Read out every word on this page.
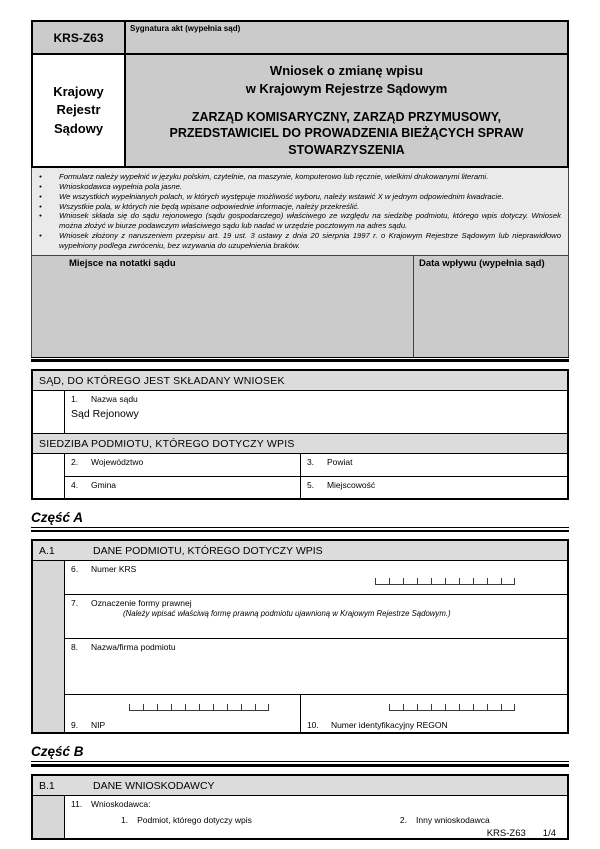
KRS-Z63
Sygnatura akt (wypełnia sąd)
Krajowy
Rejestr
Sądowy
Wniosek o zmianę wpisu
w Krajowym Rejestrze Sądowym
ZARZĄD KOMISARYCZNY, ZARZĄD PRZYMUSOWY,
PRZEDSTAWICIEL DO PROWADZENIA BIEŻĄCYCH SPRAW
STOWARZYSZENIA
•	Formularz należy wypełnić w języku polskim, czytelnie, na maszynie, komputerowo lub ręcznie, wielkimi drukowanymi literami.
•	Wnioskodawca wypełnia pola jasne.
•	We wszystkich wypełnianych polach, w których występuje możliwość wyboru, należy wstawić X w jednym odpowiednim kwadracie.
•	Wszystkie pola, w których nie będą wpisane odpowiednie informacje, należy przekreślić.
•	Wniosek składa się do sądu rejonowego (sądu gospodarczego) właściwego ze względu na siedzibę podmiotu, którego wpis dotyczy. Wniosek można złożyć w biurze podawczym właściwego sądu lub nadać w urzędzie pocztowym na adres sądu.
•	Wniosek złożony z naruszeniem przepisu art. 19 ust. 3 ustawy z dnia 20 sierpnia 1997 r. o Krajowym Rejestrze Sądowym lub nieprawidłowo wypełniony podlega zwróceniu, bez wzywania do uzupełnienia braków.
Miejsce na notatki sądu	Data wpływu (wypełnia sąd)
SĄD, DO KTÓREGO JEST SKŁADANY WNIOSEK
1.	Nazwa sądu
Sąd Rejonowy
SIEDZIBA PODMIOTU, KTÓREGO DOTYCZY WPIS
2.	Województwo	3.	Powiat
4.	Gmina	5.	Miejscowość
Część A
A.1	DANE PODMIOTU, KTÓREGO DOTYCZY WPIS
6.	Numer KRS
7.	Oznaczenie formy prawnej
(Należy wpisać właściwą formę prawną podmiotu ujawnioną w Krajowym Rejestrze Sądowym.)
8.	Nazwa/firma podmiotu
9.	NIP	10.	Numer identyfikacyjny REGON
Część B
B.1	DANE WNIOSKODAWCY
11.	Wnioskodawca:
1.	Podmiot, którego dotyczy wpis	2.	Inny wnioskodawca
KRS-Z63 1/4
